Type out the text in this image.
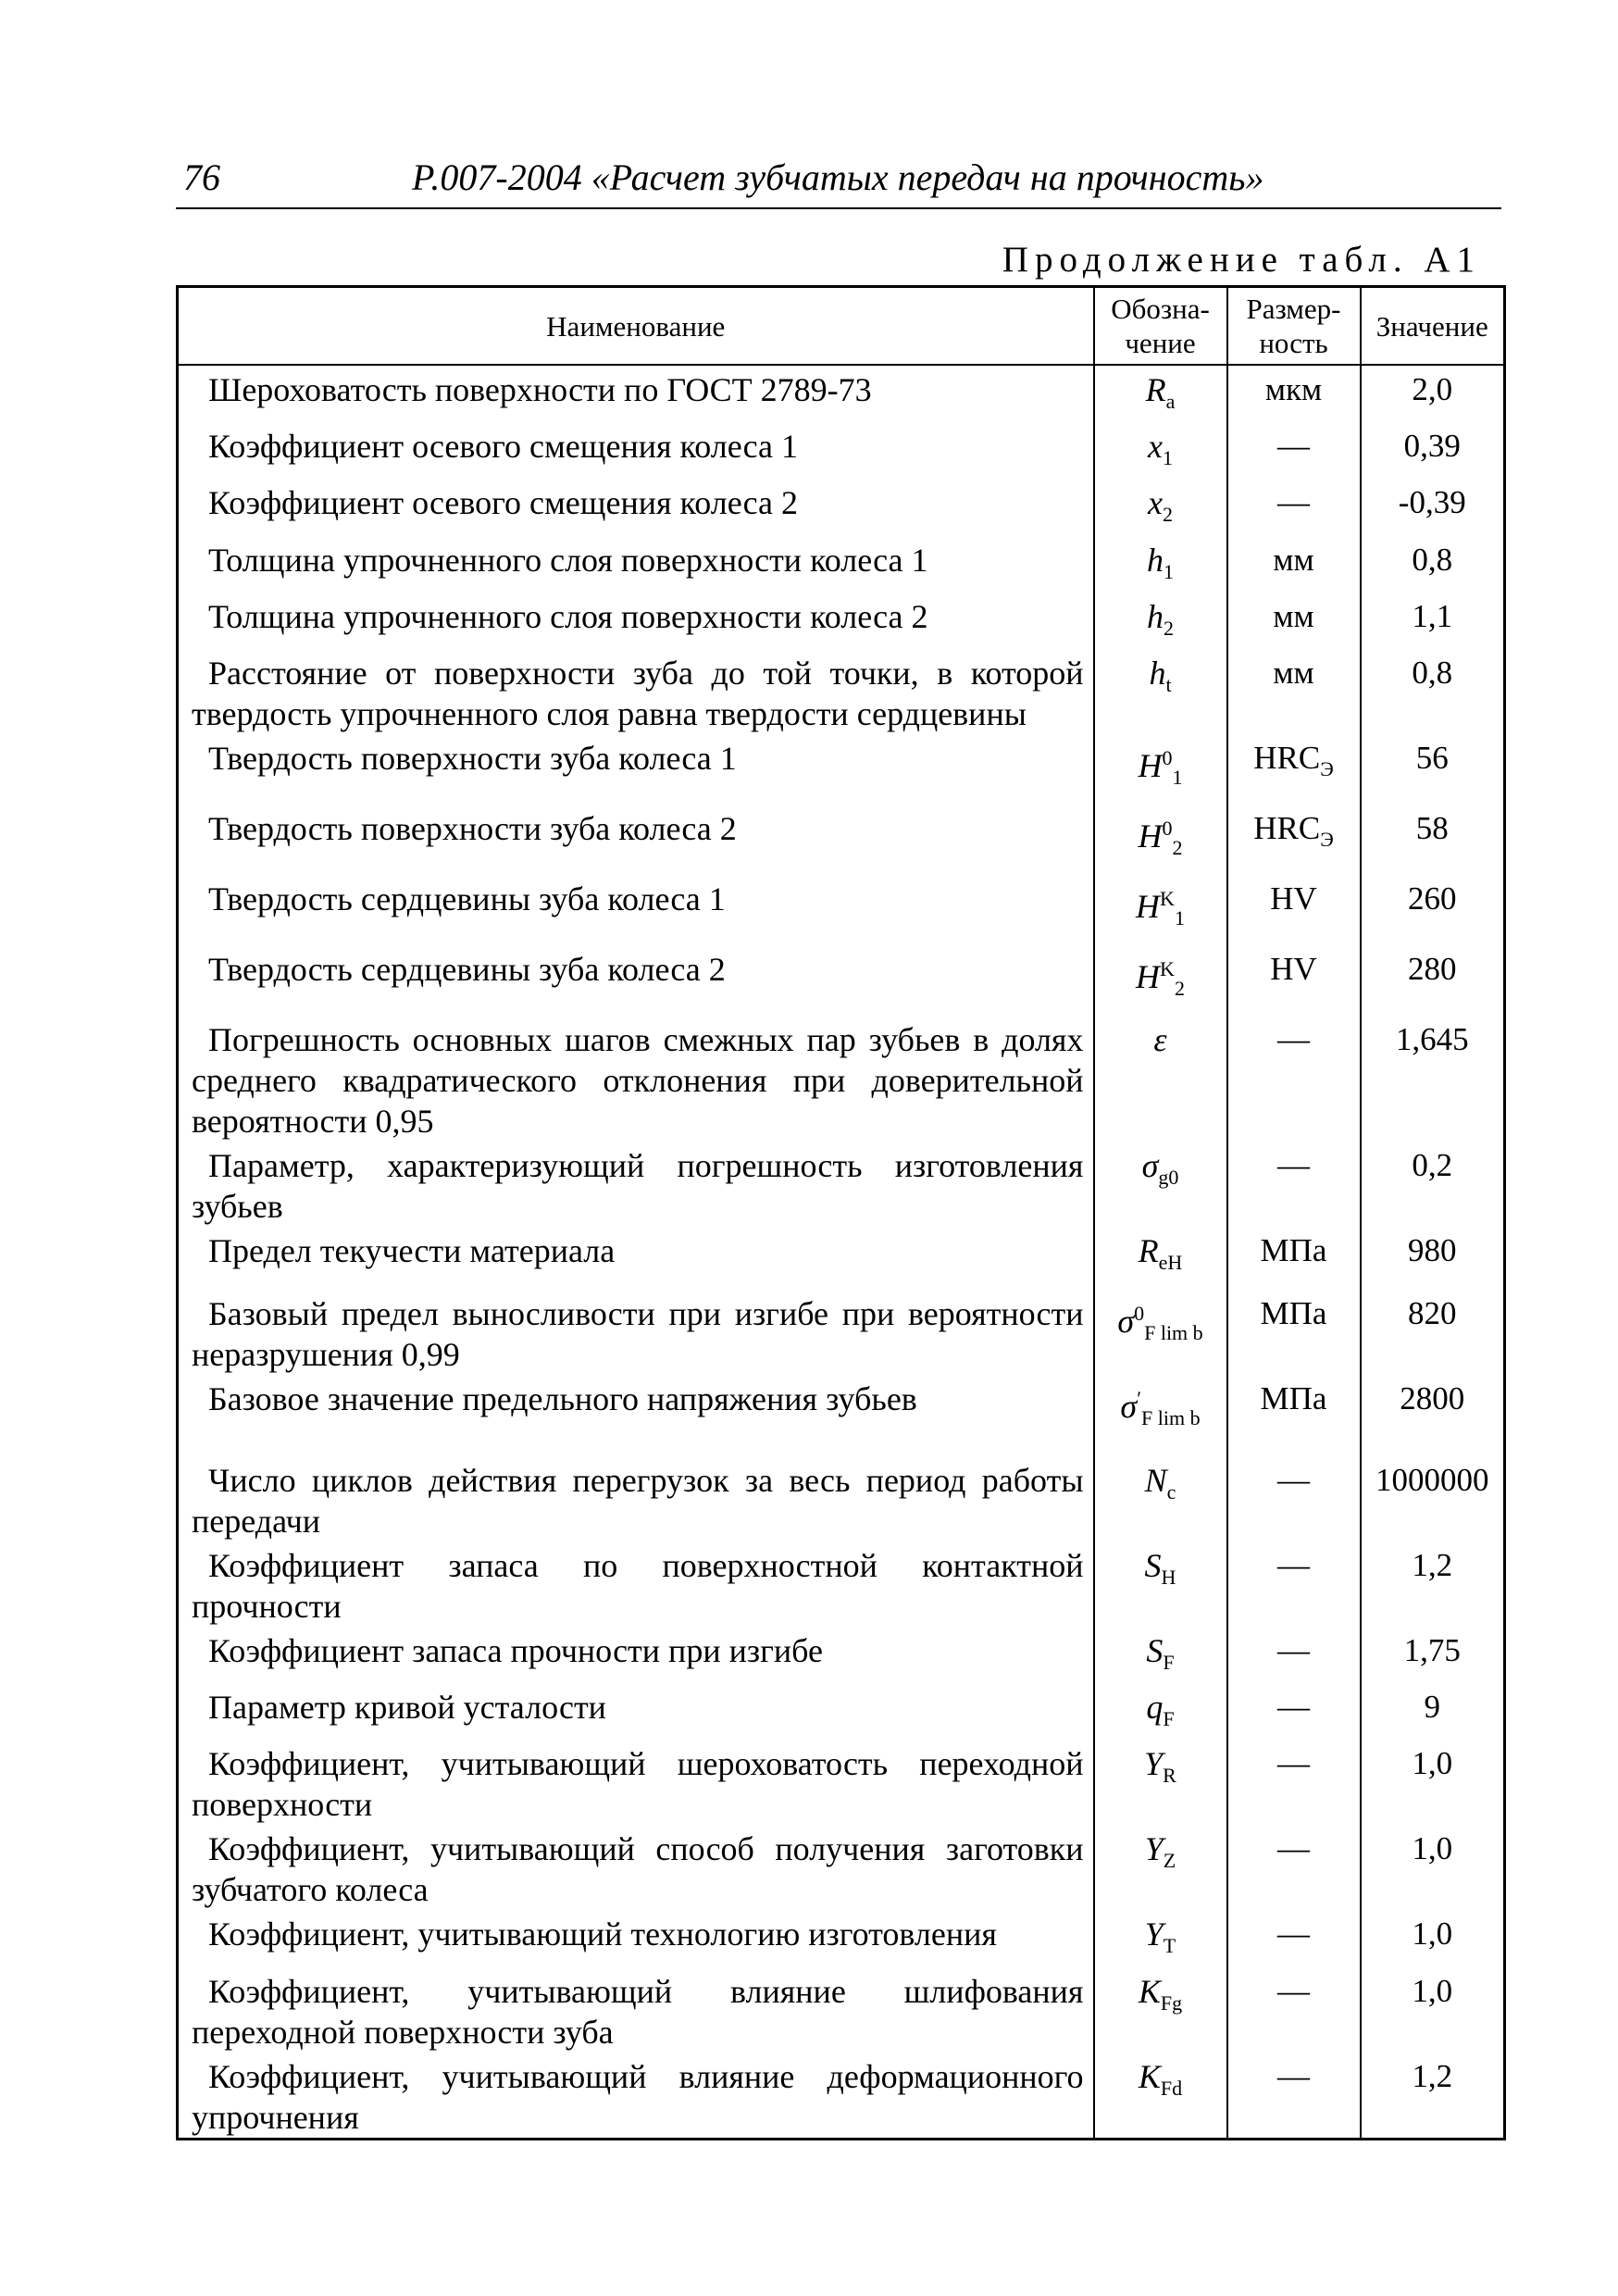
76	Р.007-2004 «Расчет зубчатых передач на прочность»
Продолжение табл. А1
Наименование	Обозна-чение	Размер-ность	Значение
Шероховатость поверхности по ГОСТ 2789-73	$R_a$	мкм	2,0
Коэффициент осевого смещения колеса 1	$x_1$	—	0,39
Коэффициент осевого смещения колеса 2	$x_2$	—	-0,39
Толщина упрочненного слоя поверхности колеса 1	$h_1$	мм	0,8
Толщина упрочненного слоя поверхности колеса 2	$h_2$	мм	1,1
Расстояние от поверхности зуба до той точки, в которой твердость упрочненного слоя равна твердости сердцевины	$h_t$	мм	0,8
Твердость поверхности зуба колеса 1	$H^0_1$	$HRC_Э$	56
Твердость поверхности зуба колеса 2	$H^0_2$	$HRC_Э$	58
Твердость сердцевины зуба колеса 1	$H^K_1$	HV	260
Твердость сердцевины зуба колеса 2	$H^K_2$	HV	280
Погрешность основных шагов смежных пар зубьев в долях среднего квадратического отклонения при доверительной вероятности 0,95	ε	—	1,645
Параметр, характеризующий погрешность изготовления зубьев	$\sigma_{g0}$	—	0,2
Предел текучести материала	$R_{eH}$	МПа	980
Базовый предел выносливости при изгибе при вероятности неразрушения 0,99	$\sigma^0_{F lim b}$	МПа	820
Базовое значение предельного напряжения зубьев	$\sigma'_{F lim b}$	МПа	2800
Число циклов действия перегрузок за весь период работы передачи	$N_c$	—	1000000
Коэффициент запаса по поверхностной контактной прочности	$S_H$	—	1,2
Коэффициент запаса прочности при изгибе	$S_F$	—	1,75
Параметр кривой усталости	$q_F$	—	9
Коэффициент, учитывающий шероховатость переходной поверхности	$Y_R$	—	1,0
Коэффициент, учитывающий способ получения заготовки зубчатого колеса	$Y_Z$	—	1,0
Коэффициент, учитывающий технологию изготовления	$Y_T$	—	1,0
Коэффициент, учитывающий влияние шлифования переходной поверхности зуба	$K_{Fg}$	—	1,0
Коэффициент, учитывающий влияние деформационного упрочнения	$K_{Fd}$	—	1,2
